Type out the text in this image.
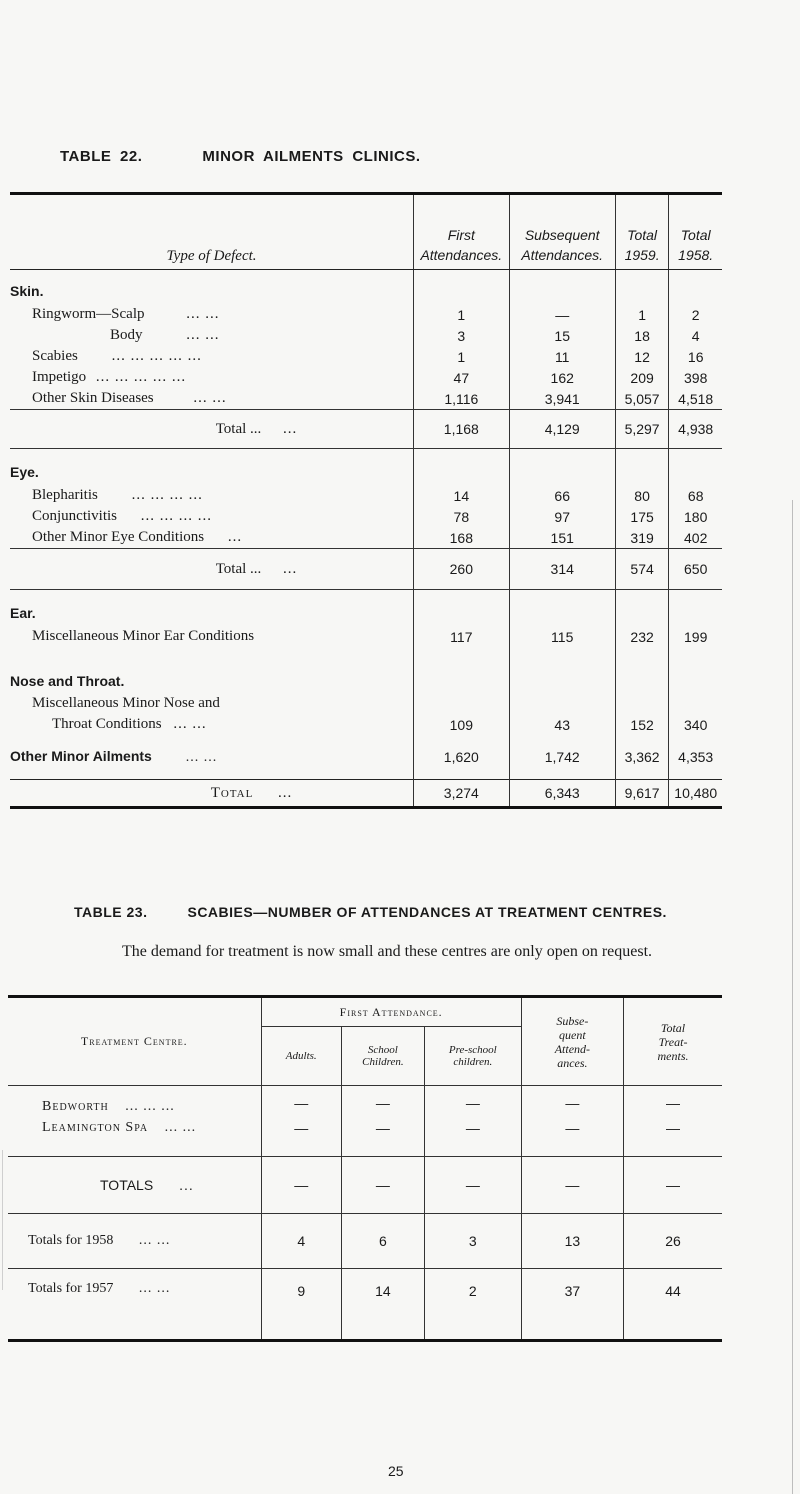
TABLE 22.	MINOR AILMENTS CLINICS.
Type of Defect.	First Attendances.	Subsequent Attendances.	Total 1959.	Total 1958.
Skin.				
Ringworm—Scalp ... ...	1	—	1	2
Body ... ...	3	15	18	4
Scabies ... ... ... ... ...	1	11	12	16
Impetigo ... ... ... ... ...	47	162	209	398
Other Skin Diseases ... ...	1,116	3,941	5,057	4,518
Total ... ...	1,168	4,129	5,297	4,938
Eye.				
Blepharitis ... ... ... ...	14	66	80	68
Conjunctivitis ... ... ... ...	78	97	175	180
Other Minor Eye Conditions ...	168	151	319	402
Total ... ...	260	314	574	650
Ear.				
Miscellaneous Minor Ear Conditions	117	115	232	199
Nose and Throat.				
Miscellaneous Minor Nose and				
Throat Conditions ... ...	109	43	152	340
Other Minor Ailments ... ...	1,620	1,742	3,362	4,353
Total ...	3,274	6,343	9,617	10,480
TABLE 23.	SCABIES—NUMBER OF ATTENDANCES AT TREATMENT CENTRES.
The demand for treatment is now small and these centres are only open on request.
Treatment Centre.	First Attendance.			Subse- quent Attend- ances.	Total Treat- ments.
	Adults.	School Children.	Pre-school children.		
Bedworth ... ... ...	—	—	—	—	—
Leamington Spa ... ...	—	—	—	—	—
TOTALS ...	—	—	—	—	—
Totals for 1958 ... ...	4	6	3	13	26
Totals for 1957 ... ...	9	14	2	37	44
25
